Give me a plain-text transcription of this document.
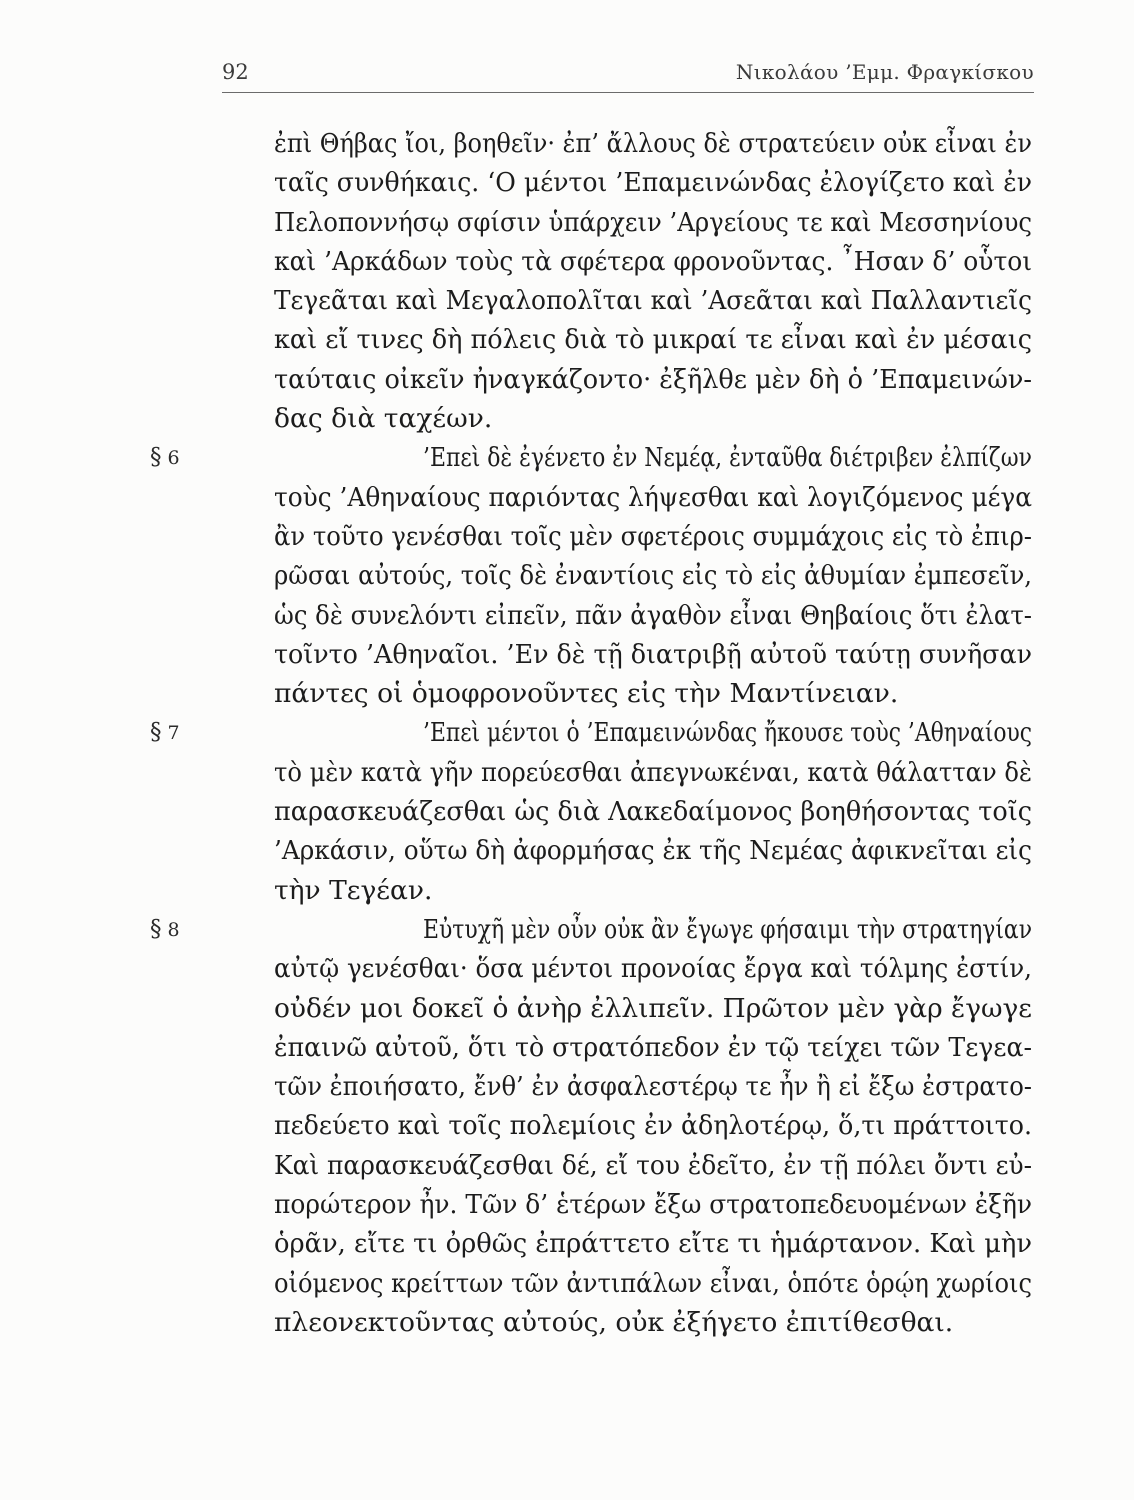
92	Νικολάου ’Εμμ. Φραγκίσκου
ἐπὶ Θήβας ἴοι, βοηθεῖν· ἐπ’ ἄλλους δὲ στρατεύειν οὐκ εἶναι ἐν
ταῖς συνθήκαις. ‘Ο μέντοι ’Επαμεινώνδας ἐλογίζετο καὶ ἐν
Πελοποννήσῳ σφίσιν ὑπάρχειν ’Αργείους τε καὶ Μεσσηνίους
καὶ ’Αρκάδων τοὺς τὰ σφέτερα φρονοῦντας. ῏Ησαν δ’ οὗτοι
Τεγεᾶται καὶ Μεγαλοπολῖται καὶ ’Ασεᾶται καὶ Παλλαντιεῖς
καὶ εἴ τινες δὴ πόλεις διὰ τὸ μικραί τε εἶναι καὶ ἐν μέσαις
ταύταις οἰκεῖν ἠναγκάζοντο· ἐξῆλθε μὲν δὴ ὁ ’Επαμεινών-
δας διὰ ταχέων.
§ 6	’Επεὶ δὲ ἐγένετο ἐν Νεμέᾳ, ἐνταῦθα διέτριβεν ἐλπίζων
τοὺς ’Αθηναίους παριόντας λήψεσθαι καὶ λογιζόμενος μέγα
ἂν τοῦτο γενέσθαι τοῖς μὲν σφετέροις συμμάχοις εἰς τὸ ἐπιρ-
ρῶσαι αὐτούς, τοῖς δὲ ἐναντίοις εἰς τὸ εἰς ἀθυμίαν ἐμπεσεῖν,
ὡς δὲ συνελόντι εἰπεῖν, πᾶν ἀγαθὸν εἶναι Θηβαίοις ὅτι ἐλατ-
τοῖντο ’Αθηναῖοι. ’Εν δὲ τῇ διατριβῇ αὐτοῦ ταύτῃ συνῆσαν
πάντες οἱ ὁμοφρονοῦντες εἰς τὴν Μαντίνειαν.
§ 7	’Επεὶ μέντοι ὁ ’Επαμεινώνδας ἤκουσε τοὺς ’Αθηναίους
τὸ μὲν κατὰ γῆν πορεύεσθαι ἀπεγνωκέναι, κατὰ θάλατταν δὲ
παρασκευάζεσθαι ὡς διὰ Λακεδαίμονος βοηθήσοντας τοῖς
’Αρκάσιν, οὕτω δὴ ἀφορμήσας ἐκ τῆς Νεμέας ἀφικνεῖται εἰς
τὴν Τεγέαν.
§ 8	Εὐτυχῆ μὲν οὖν οὐκ ἂν ἔγωγε φήσαιμι τὴν στρατηγίαν
αὐτῷ γενέσθαι· ὅσα μέντοι προνοίας ἔργα καὶ τόλμης ἐστίν,
οὐδέν μοι δοκεῖ ὁ ἀνὴρ ἐλλιπεῖν. Πρῶτον μὲν γὰρ ἔγωγε
ἐπαινῶ αὐτοῦ, ὅτι τὸ στρατόπεδον ἐν τῷ τείχει τῶν Τεγεα-
τῶν ἐποιήσατο, ἔνθ’ ἐν ἀσφαλεστέρῳ τε ἦν ἢ εἰ ἔξω ἐστρατο-
πεδεύετο καὶ τοῖς πολεμίοις ἐν ἀδηλοτέρῳ, ὅ,τι πράττοιτο.
Καὶ παρασκευάζεσθαι δέ, εἴ του ἐδεῖτο, ἐν τῇ πόλει ὄντι εὐ-
πορώτερον ἦν. Τῶν δ’ ἑτέρων ἔξω στρατοπεδευομένων ἐξῆν
ὁρᾶν, εἴτε τι ὀρθῶς ἐπράττετο εἴτε τι ἡμάρτανον. Καὶ μὴν
οἰόμενος κρείττων τῶν ἀντιπάλων εἶναι, ὁπότε ὁρῴη χωρίοις
πλεονεκτοῦντας αὐτούς, οὐκ ἐξήγετο ἐπιτίθεσθαι.
